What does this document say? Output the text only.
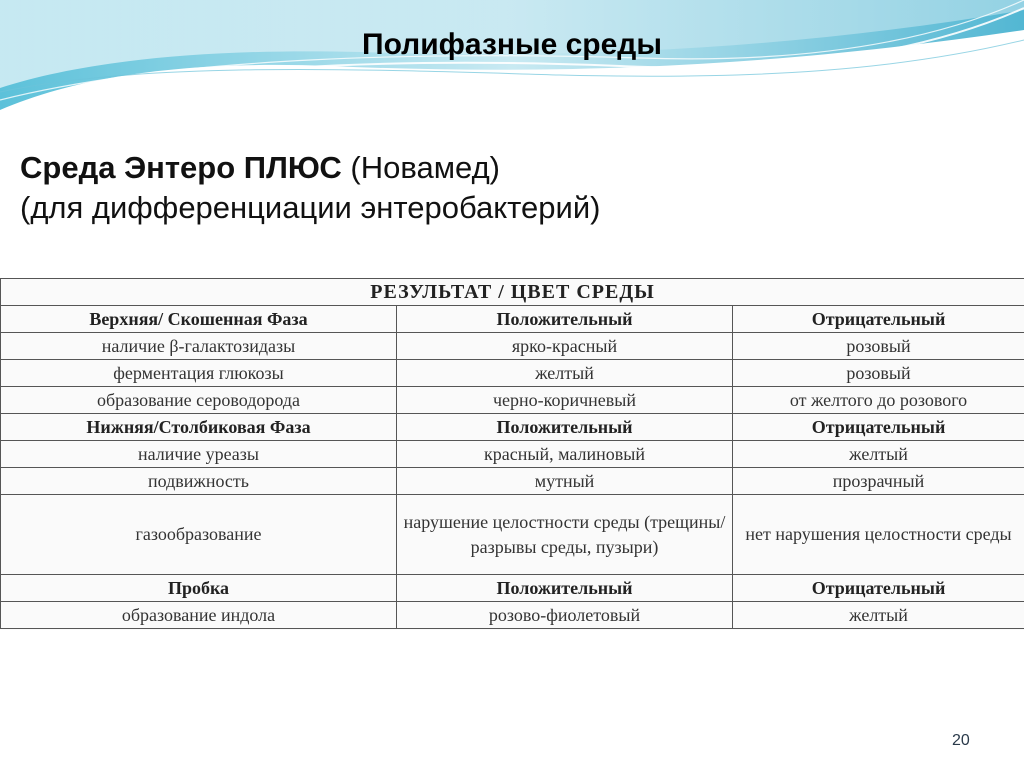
Полифазные среды
Среда Энтеро ПЛЮС (Новамед)
(для дифференциации энтеробактерий)
РЕЗУЛЬТАТ / ЦВЕТ СРЕДЫ		
Верхняя/ Скошенная Фаза	Положительный	Отрицательный
наличие β-галактозидазы	ярко-красный	розовый
ферментация глюкозы	желтый	розовый
образование сероводорода	черно-коричневый	от желтого до розового
Нижняя/Столбиковая Фаза	Положительный	Отрицательный
наличие уреазы	красный, малиновый	желтый
подвижность	мутный	прозрачный
газообразование	нарушение целостности среды (трещины/разрывы среды, пузыри)	нет нарушения целостности среды
Пробка	Положительный	Отрицательный
образование индола	розово-фиолетовый	желтый
20
